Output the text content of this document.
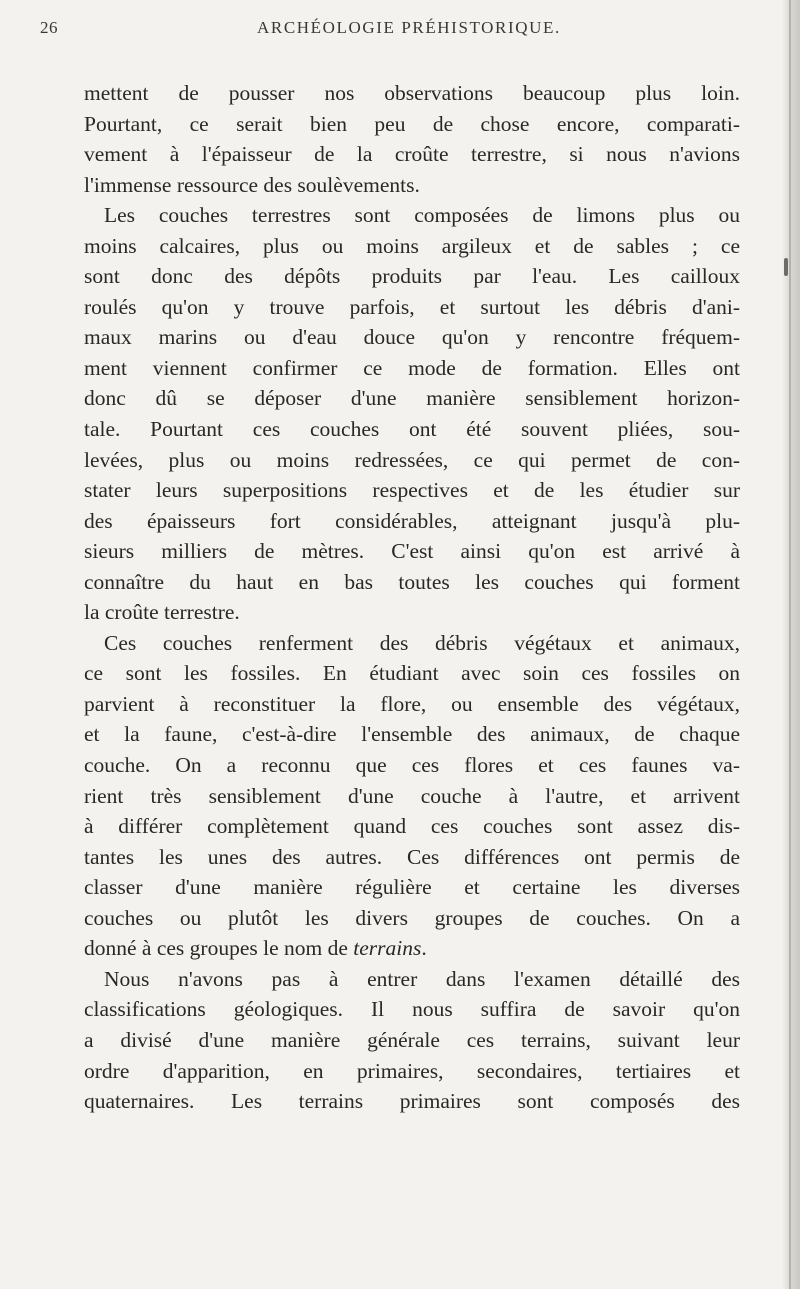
26	ARCHÉOLOGIE PRÉHISTORIQUE.
mettent de pousser nos observations beaucoup plus loin.
Pourtant, ce serait bien peu de chose encore, comparati-
vement à l'épaisseur de la croûte terrestre, si nous n'avions
l'immense ressource des soulèvements.
Les couches terrestres sont composées de limons plus ou
moins calcaires, plus ou moins argileux et de sables ; ce
sont donc des dépôts produits par l'eau. Les cailloux
roulés qu'on y trouve parfois, et surtout les débris d'ani-
maux marins ou d'eau douce qu'on y rencontre fréquem-
ment viennent confirmer ce mode de formation. Elles ont
donc dû se déposer d'une manière sensiblement horizon-
tale. Pourtant ces couches ont été souvent pliées, sou-
levées, plus ou moins redressées, ce qui permet de con-
stater leurs superpositions respectives et de les étudier sur
des épaisseurs fort considérables, atteignant jusqu'à plu-
sieurs milliers de mètres. C'est ainsi qu'on est arrivé à
connaître du haut en bas toutes les couches qui forment
la croûte terrestre.
Ces couches renferment des débris végétaux et animaux,
ce sont les fossiles. En étudiant avec soin ces fossiles on
parvient à reconstituer la flore, ou ensemble des végétaux,
et la faune, c'est-à-dire l'ensemble des animaux, de chaque
couche. On a reconnu que ces flores et ces faunes va-
rient très sensiblement d'une couche à l'autre, et arrivent
à différer complètement quand ces couches sont assez dis-
tantes les unes des autres. Ces différences ont permis de
classer d'une manière régulière et certaine les diverses
couches ou plutôt les divers groupes de couches. On a
donné à ces groupes le nom de terrains.
Nous n'avons pas à entrer dans l'examen détaillé des
classifications géologiques. Il nous suffira de savoir qu'on
a divisé d'une manière générale ces terrains, suivant leur
ordre d'apparition, en primaires, secondaires, tertiaires et
quaternaires. Les terrains primaires sont composés des
